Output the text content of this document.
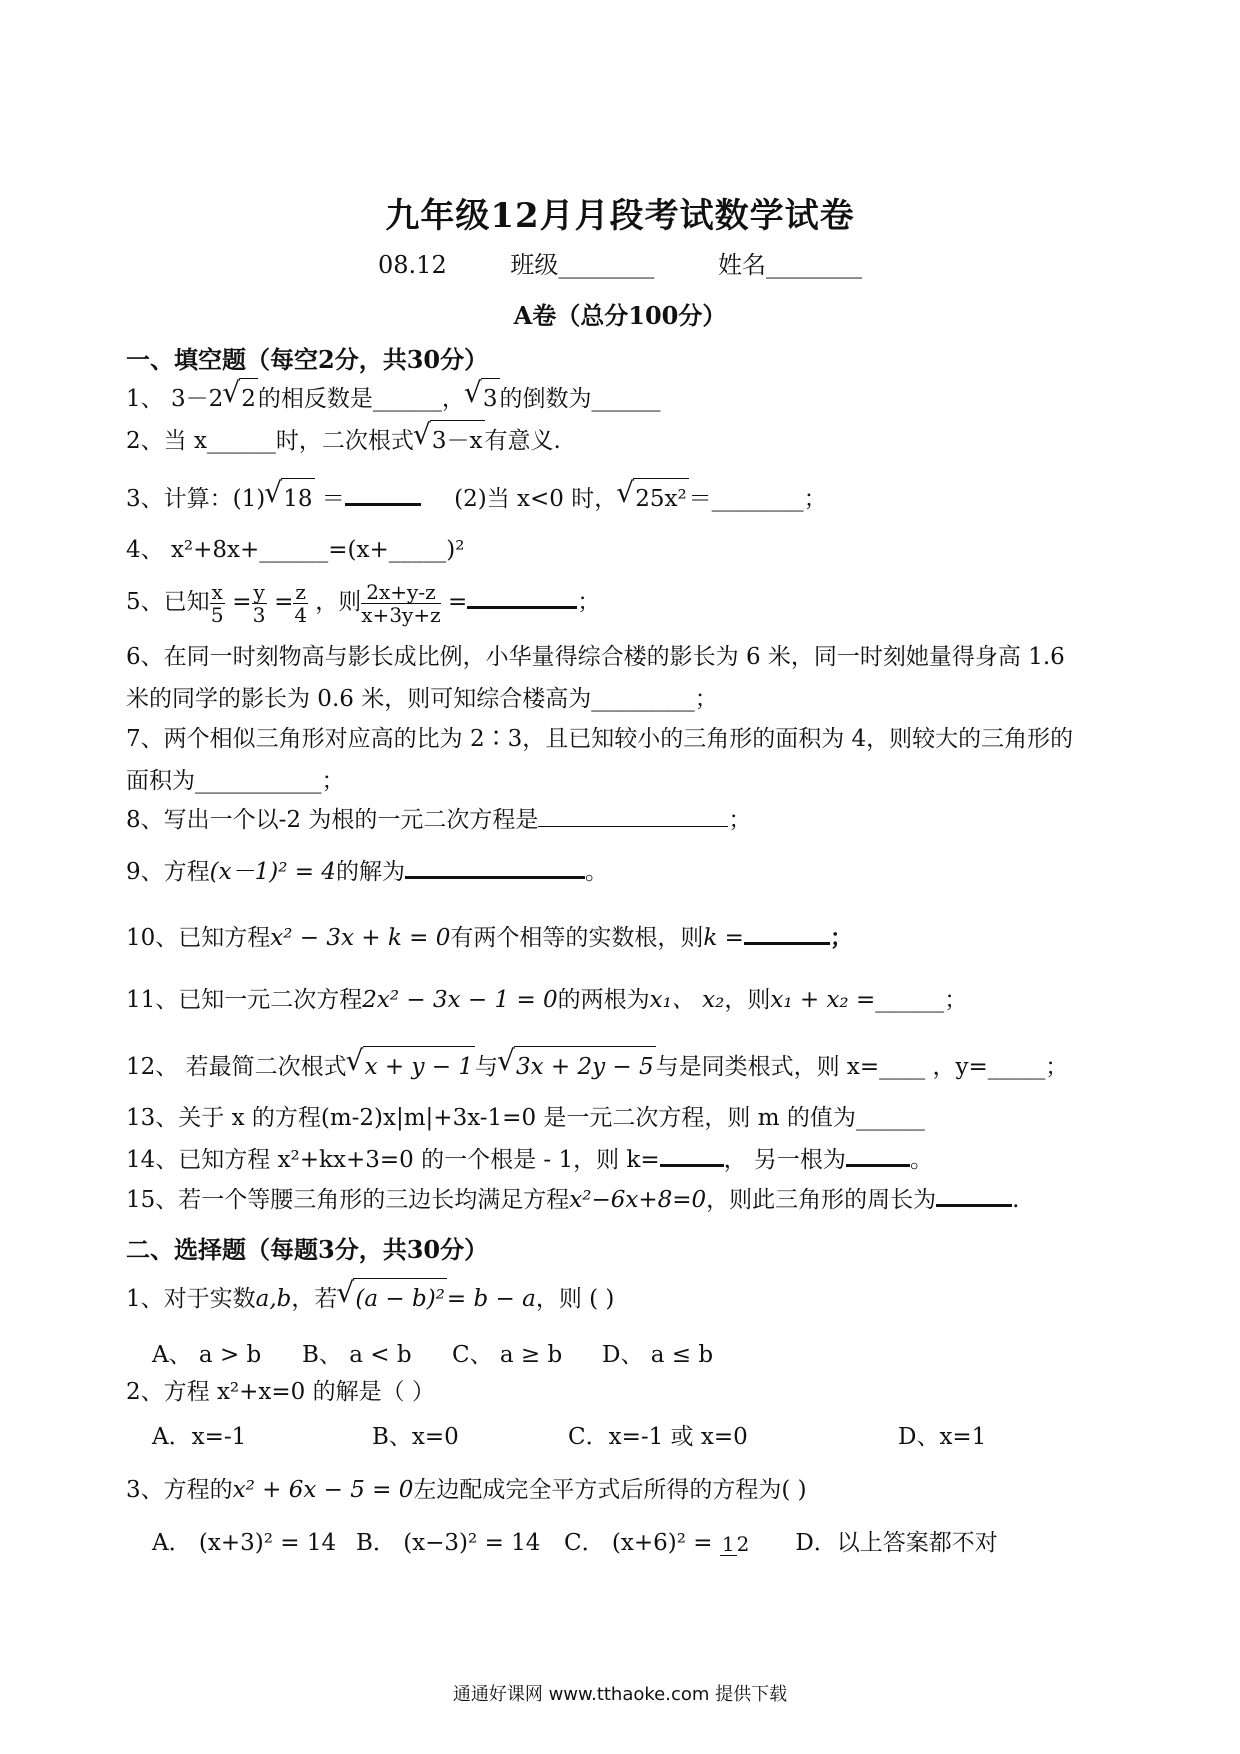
九年级12月月段考试数学试卷
08.12	班级________	姓名________
A卷（总分100分）
一、填空题（每空2分，共30分）
1、 3－2 √ 2的相反数是______， √ 3的倒数为______
2、当 x______时，二次根式 √ 3－x有意义.
3、计算：(1) √ 18 ＝	(2)当 x<0 时， √ 25x²＝________；
4、 x²+8x+______=(x+_____)²
5、已知 $\frac{x}{5} = \frac{y}{3} = \frac{z}{4}$ ，则 $\frac{2x+y-z}{x+3y+z}$ =	；
6、在同一时刻物高与影长成比例，小华量得综合楼的影长为 6 米，同一时刻她量得身高 1.6 米的同学的影长为 0.6 米，则可知综合楼高为_________；
7、两个相似三角形对应高的比为 2∶3，且已知较小的三角形的面积为 4，则较大的三角形的面积为___________；
8、写出一个以-2 为根的一元二次方程是	；
9、方程(x－1)² = 4的解为	。
10、已知方程x² − 3x + k = 0有两个相等的实数根，则k =	；
11、已知一元二次方程2x² − 3x − 1 = 0的两根为x₁、 x₂，则x₁ + x₂ =______；
12、 若最简二次根式 √ x + y − 1与 √ 3x + 2y − 5与是同类根式，则 x=____ ，y=_____；
13、关于 x 的方程(m-2)x|m|+3x-1=0 是一元二次方程，则 m 的值为______
14、已知方程 x²+kx+3=0 的一个根是 - 1，则 k=	， 另一根为	。
15、若一个等腰三角形的三边长均满足方程x²−6x+8=0，则此三角形的周长为	.
二、选择题（每题3分，共30分）
1、对于实数a,b，若 √ (a − b)²= b − a，则 ( )
A、 a > b B、 a < b C、 a ≥ b D、 a ≤ b
2、方程 x²+x=0 的解是（ ）
A．x=-1	B、x=0	C．x=-1 或 x=0	D、x=1
3、方程的x² + 6x − 5 = 0左边配成完全平方式后所得的方程为( )
A． (x+3)² = 14 B． (x−3)² = 14 C． (x+6)² = 1 2 D．以上答案都不对
通通好课网 www.tthaoke.com 提供下载
